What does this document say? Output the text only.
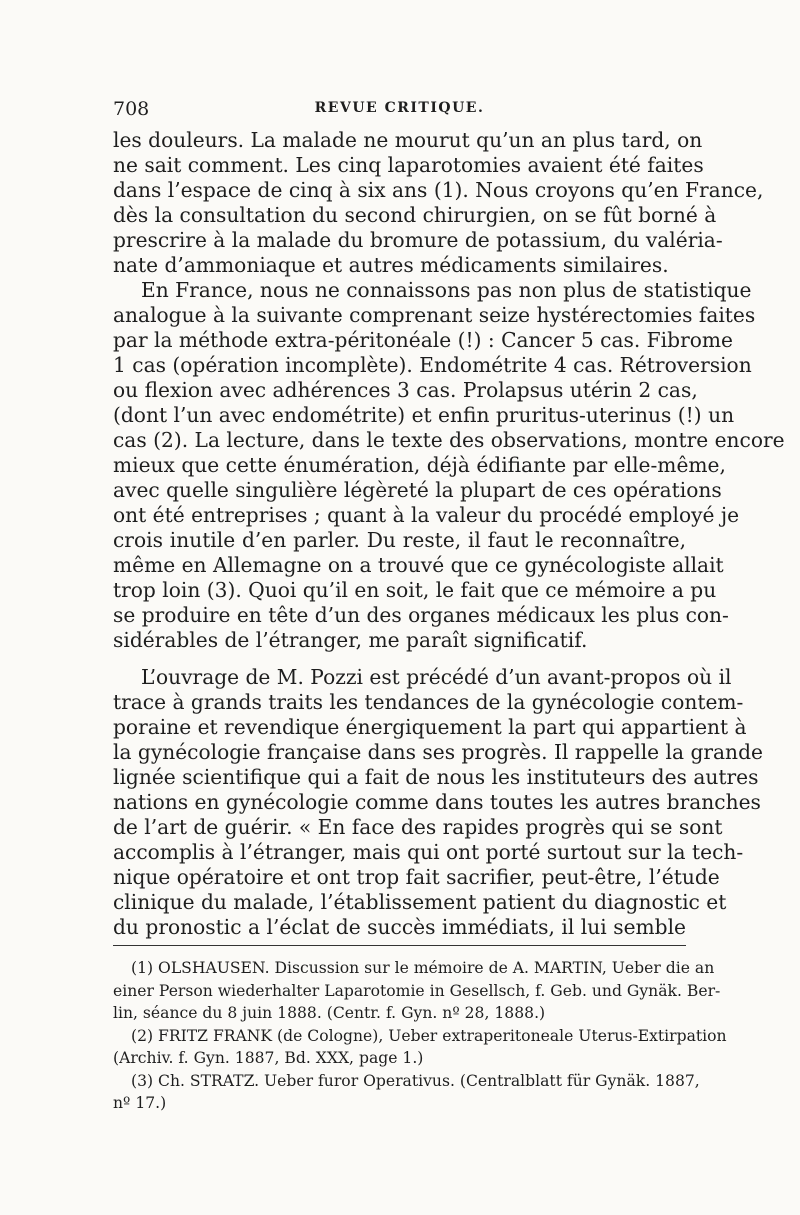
708	REVUE CRITIQUE.

les douleurs. La malade ne mourut qu’un an plus tard, on
ne sait comment. Les cinq laparotomies avaient été faites
dans l’espace de cinq à six ans (1). Nous croyons qu’en France,
dès la consultation du second chirurgien, on se fût borné à
prescrire à la malade du bromure de potassium, du valéria-
nate d’ammoniaque et autres médicaments similaires.

En France, nous ne connaissons pas non plus de statistique
analogue à la suivante comprenant seize hystérectomies faites
par la méthode extra-péritonéale (!) : Cancer 5 cas. Fibrome
1 cas (opération incomplète). Endométrite 4 cas. Rétroversion
ou flexion avec adhérences 3 cas. Prolapsus utérin 2 cas,
(dont l’un avec endométrite) et enfin pruritus-uterinus (!) un
cas (2). La lecture, dans le texte des observations, montre encore
mieux que cette énumération, déjà édifiante par elle-même,
avec quelle singulière légèreté la plupart de ces opérations
ont été entreprises ; quant à la valeur du procédé employé je
crois inutile d’en parler. Du reste, il faut le reconnaître,
même en Allemagne on a trouvé que ce gynécologiste allait
trop loin (3). Quoi qu’il en soit, le fait que ce mémoire a pu
se produire en tête d’un des organes médicaux les plus con-
sidérables de l’étranger, me paraît significatif.

L’ouvrage de M. Pozzi est précédé d’un avant-propos où il
trace à grands traits les tendances de la gynécologie contem-
poraine et revendique énergiquement la part qui appartient à
la gynécologie française dans ses progrès. Il rappelle la grande
lignée scientifique qui a fait de nous les instituteurs des autres
nations en gynécologie comme dans toutes les autres branches
de l’art de guérir. « En face des rapides progrès qui se sont
accomplis à l’étranger, mais qui ont porté surtout sur la tech-
nique opératoire et ont trop fait sacrifier, peut-être, l’étude
clinique du malade, l’établissement patient du diagnostic et
du pronostic a l’éclat de succès immédiats, il lui semble

(1) OLSHAUSEN. Discussion sur le mémoire de A. MARTIN, Ueber die an
einer Person wiederhalter Laparotomie in Gesellsch, f. Geb. und Gynäk. Ber-
lin, séance du 8 juin 1888. (Centr. f. Gyn. nº 28, 1888.)
(2) FRITZ FRANK (de Cologne), Ueber extraperitoneale Uterus-Extirpation
(Archiv. f. Gyn. 1887, Bd. XXX, page 1.)
(3) Ch. STRATZ. Ueber furor Operativus. (Centralblatt für Gynäk. 1887,
nº 17.)
